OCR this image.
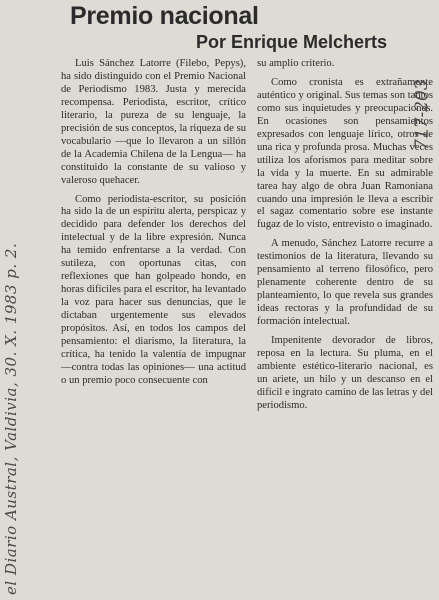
Premio nacional
Por Enrique Melcherts

Luis Sánchez Latorre (Filebo, Pepys), ha sido distinguido con el Premio Nacional de Periodismo 1983. Justa y merecida recompensa. Periodista, escritor, crítico literario, la pureza de su lenguaje, la precisión de sus conceptos, la riqueza de su vocabulario —que lo llevaron a un sillón de la Academia Chilena de la Lengua— ha constituido la constante de su valioso y valeroso quehacer.

Como periodista-escritor, su posición ha sido la de un espíritu alerta, perspicaz y decidido para defender los derechos del intelectual y de la libre expresión. Nunca ha temido enfrentarse a la verdad. Con sutileza, con oportunas citas, con reflexiones que han golpeado hondo, en horas difíciles para el escritor, ha levantado la voz para hacer sus denuncias, que le dictaban urgentemente sus elevados propósitos. Así, en todos los campos del pensamiento: el diarismo, la literatura, la crítica, ha tenido la valentía de impugnar —contra todas las opiniones— una actitud o un premio poco consecuente con

su amplio criterio.

Como cronista es extrañamente auténtico y original. Sus temas son tantos como sus inquietudes y preocupaciones. En ocasiones son pensamientos expresados con lenguaje lírico, otros de una rica y profunda prosa. Muchas veces utiliza los aforismos para meditar sobre la vida y la muerte. En su admirable tarea hay algo de obra Juan Ramoniana cuando una impresión le lleva a escribir el sagaz comentario sobre ese instante fugaz de lo visto, entrevisto o imaginado.

A menudo, Sánchez Latorre recurre a testimonios de la literatura, llevando su pensamiento al terreno filosófico, pero plenamente coherente dentro de su planteamiento, lo que revela sus grandes ideas rectoras y la profundidad de su formación intelectual.

Impenitente devorador de libros, reposa en la lectura. Su pluma, en el ambiente estético-literario nacional, es un ariete, un hilo y un descanso en el difícil e ingrato camino de las letras y del periodismo.

el Diario Austral, Valdivia, 30. X. 1983 p. 2.
717-203
